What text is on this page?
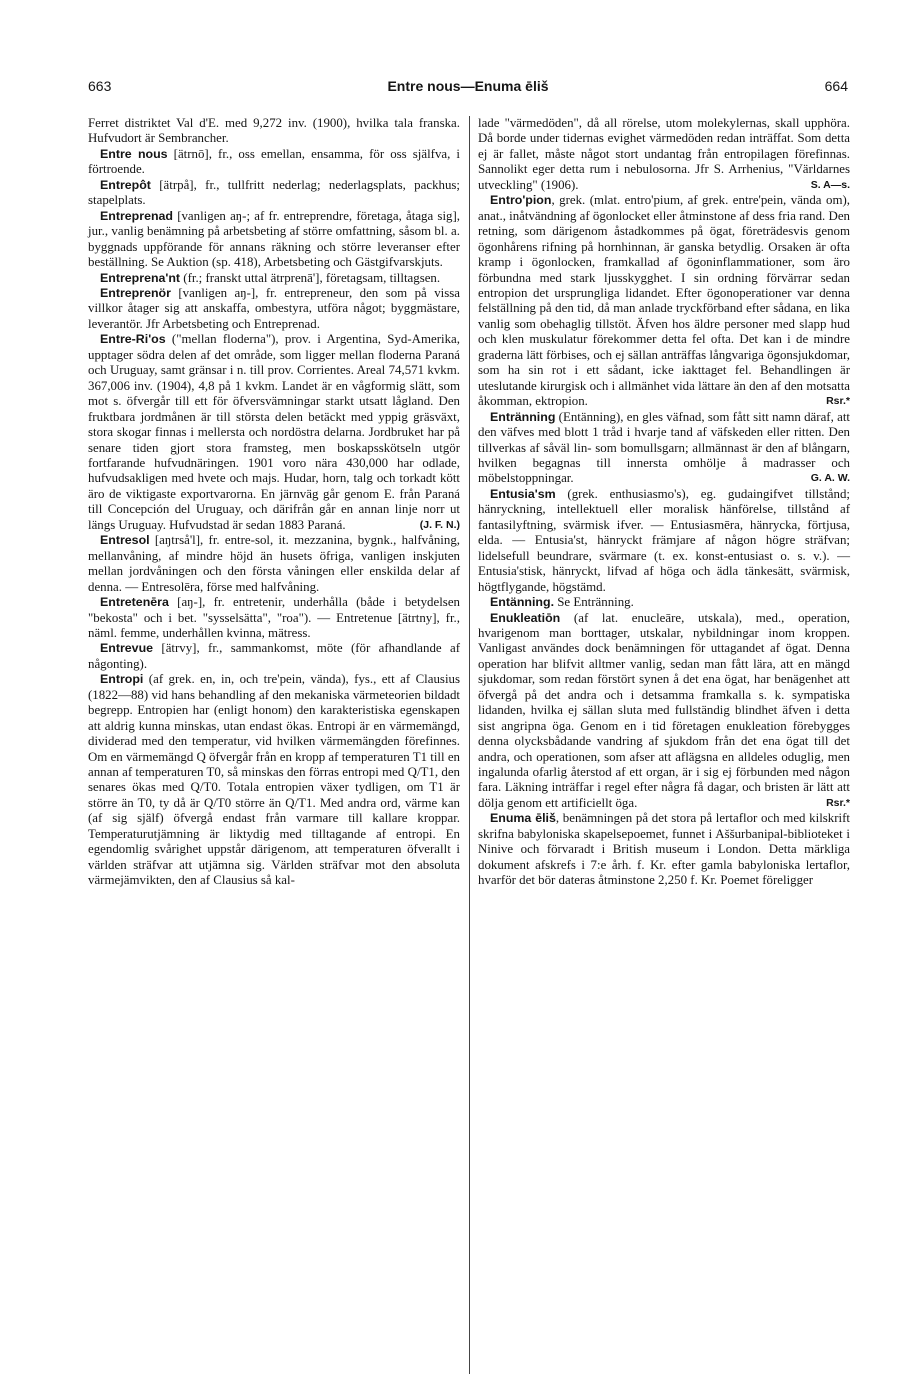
663	Entre nous—Enuma ēliš	664

Ferret distriktet Val d'E. med 9,272 inv. (1900), hvilka tala franska. Hufvudort är Sembrancher.

Entre nous [ätrnō], fr., oss emellan, ensamma, för oss själfva, i förtroende.

Entrepôt [ätrpå], fr., tullfritt nederlag; nederlagsplats, packhus; stapelplats.

Entreprenad [vanligen aŋ-; af fr. entreprendre, företaga, åtaga sig], jur., vanlig benämning på arbetsbeting af större omfattning, såsom bl. a. byggnads uppförande för annans räkning och större leveranser efter beställning. Se Auktion (sp. 418), Arbetsbeting och Gästgifvarskjuts.

Entreprena'nt (fr.; franskt uttal ätrprenā'], företagsam, tilltagsen.

Entreprenör [vanligen aŋ-], fr. entrepreneur, den som på vissa villkor åtager sig att anskaffa, ombestyra, utföra något; byggmästare, leverantör. Jfr Arbetsbeting och Entreprenad.

Entre-Ri'os ("mellan floderna"), prov. i Argentina, Syd-Amerika, upptager södra delen af det område, som ligger mellan floderna Paraná och Uruguay, samt gränsar i n. till prov. Corrientes. Areal 74,571 kvkm. 367,006 inv. (1904), 4,8 på 1 kvkm. Landet är en vågformig slätt, som mot s. öfvergår till ett för öfversvämningar starkt utsatt lågland. Den fruktbara jordmånen är till största delen betäckt med yppig gräsväxt, stora skogar finnas i mellersta och nordöstra delarna. Jordbruket har på senare tiden gjort stora framsteg, men boskapsskötseln utgör fortfarande hufvudnäringen. 1901 voro nära 430,000 har odlade, hufvudsakligen med hvete och majs. Hudar, horn, talg och torkadt kött äro de viktigaste exportvarorna. En järnväg går genom E. från Paraná till Concepción del Uruguay, och därifrån går en annan linje norr ut längs Uruguay. Hufvudstad är sedan 1883 Paraná.	(J. F. N.)

Entresol [aŋtrså'l], fr. entre-sol, it. mezzanina, bygnk., halfvåning, mellanvåning, af mindre höjd än husets öfriga, vanligen inskjuten mellan jordvåningen och den första våningen eller enskilda delar af denna. — Entresolēra, förse med halfvåning.

Entretenēra [aŋ-], fr. entretenir, underhålla (både i betydelsen "bekosta" och i bet. "sysselsätta", "roa"). — Entretenue [ätrtny], fr., näml. femme, underhållen kvinna, mätress.

Entrevue [ätrvy], fr., sammankomst, möte (för afhandlande af någonting).

Entropi (af grek. en, in, och tre'pein, vända), fys., ett af Clausius (1822—88) vid hans behandling af den mekaniska värmeteorien bildadt begrepp. Entropien har (enligt honom) den karakteristiska egenskapen att aldrig kunna minskas, utan endast ökas. Entropi är en värmemängd, dividerad med den temperatur, vid hvilken värmemängden förefinnes. Om en värmemängd Q öfvergår från en kropp af temperaturen T1 till en annan af temperaturen T0, så minskas den förras entropi med Q/T1, den senares ökas med Q/T0. Totala entropien växer tydligen, om T1 är större än T0, ty då är Q/T0 större än Q/T1. Med andra ord, värme kan (af sig själf) öfvergå endast från varmare till kallare kroppar. Temperaturutjämning är liktydig med tilltagande af entropi. En egendomlig svårighet uppstår därigenom, att temperaturen öfverallt i världen sträfvar att utjämna sig. Världen sträfvar mot den absoluta värmejämvikten, den af Clausius så kal-

lade "värmedöden", då all rörelse, utom molekylernas, skall upphöra. Då borde under tidernas evighet värmedöden redan inträffat. Som detta ej är fallet, måste något stort undantag från entropilagen förefinnas. Sannolikt eger detta rum i nebulosorna. Jfr S. Arrhenius, "Världarnes utveckling" (1906).	S. A—s.

Entro'pion, grek. (mlat. entro'pium, af grek. entre'pein, vända om), anat., inåtvändning af ögonlocket eller åtminstone af dess fria rand. Den retning, som därigenom åstadkommes på ögat, företrädesvis genom ögonhårens rifning på hornhinnan, är ganska betydlig. Orsaken är ofta kramp i ögonlocken, framkallad af ögoninflammationer, som äro förbundna med stark ljusskygghet. I sin ordning förvärrar sedan entropion det ursprungliga lidandet. Efter ögonoperationer var denna felställning på den tid, då man anlade tryckförband efter sådana, en lika vanlig som obehaglig tillstöt. Äfven hos äldre personer med slapp hud och klen muskulatur förekommer detta fel ofta. Det kan i de mindre graderna lätt förbises, och ej sällan anträffas långvariga ögonsjukdomar, som ha sin rot i ett sådant, icke iakttaget fel. Behandlingen är uteslutande kirurgisk och i allmänhet vida lättare än den af den motsatta åkomman, ektropion.	Rsr.*

Entränning (Entänning), en gles väfnad, som fått sitt namn däraf, att den väfves med blott 1 tråd i hvarje tand af väfskeden eller ritten. Den tillverkas af såväl lin- som bomullsgarn; allmännast är den af blångarn, hvilken begagnas till innersta omhölje å madrasser och möbelstoppningar.	G. A. W.

Entusia'sm (grek. enthusiasmo's), eg. gudaingifvet tillstånd; hänryckning, intellektuell eller moralisk hänförelse, tillstånd af fantasilyftning, svärmisk ifver. — Entusiasmēra, hänrycka, förtjusa, elda. — Entusia'st, hänryckt främjare af någon högre sträfvan; lidelsefull beundrare, svärmare (t. ex. konst-entusiast o. s. v.). — Entusia'stisk, hänryckt, lifvad af höga och ädla tänkesätt, svärmisk, högtflygande, högstämd.

Entänning. Se Entränning.

Enukleatiōn (af lat. enucleāre, utskala), med., operation, hvarigenom man borttager, utskalar, nybildningar inom kroppen. Vanligast användes dock benämningen för uttagandet af ögat. Denna operation har blifvit alltmer vanlig, sedan man fått lära, att en mängd sjukdomar, som redan förstört synen å det ena ögat, har benägenhet att öfvergå på det andra och i detsamma framkalla s. k. sympatiska lidanden, hvilka ej sällan sluta med fullständig blindhet äfven i detta sist angripna öga. Genom en i tid företagen enukleation förebygges denna olycksbådande vandring af sjukdom från det ena ögat till det andra, och operationen, som afser att aflägsna en alldeles oduglig, men ingalunda ofarlig återstod af ett organ, är i sig ej förbunden med någon fara. Läkning inträffar i regel efter några få dagar, och bristen är lätt att dölja genom ett artificiellt öga.	Rsr.*

Enuma ēliš, benämningen på det stora på lertaflor och med kilskrift skrifna babyloniska skapelsepoemet, funnet i Aššurbanipal-biblioteket i Ninive och förvaradt i British museum i London. Detta märkliga dokument afskrefs i 7:e årh. f. Kr. efter gamla babyloniska lertaflor, hvarför det bör dateras åtminstone 2,250 f. Kr. Poemet föreligger
